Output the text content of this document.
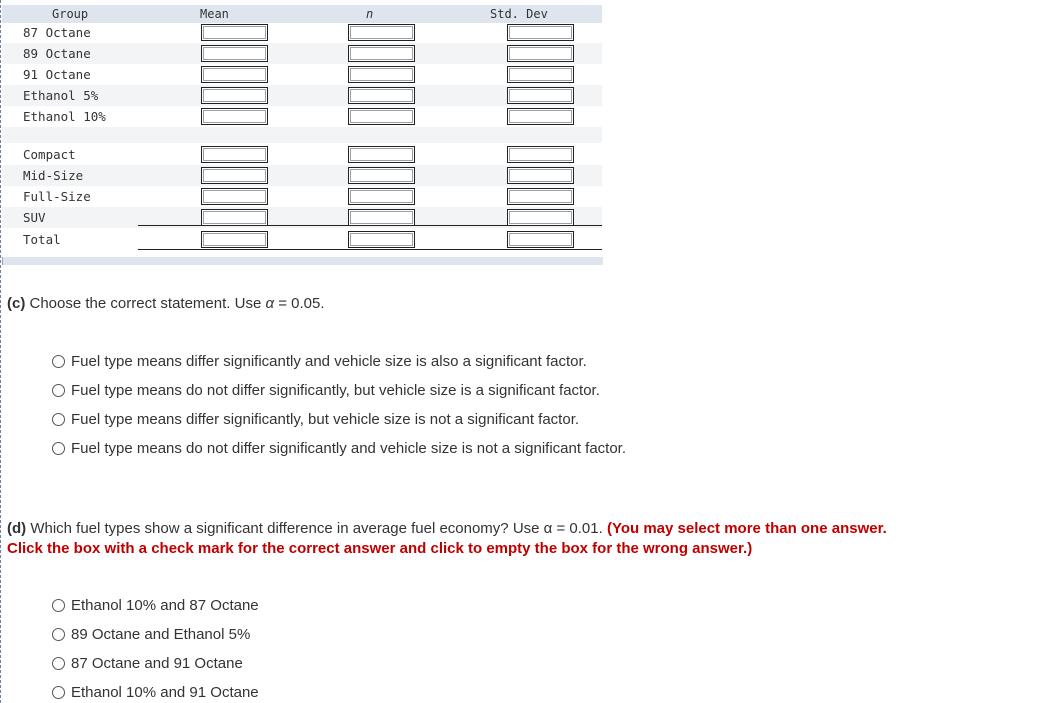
Group	Mean	n	Std. Dev
87 Octane
89 Octane
91 Octane
Ethanol 5%
Ethanol 10%
Compact
Mid-Size
Full-Size
SUV
Total
(c) Choose the correct statement. Use α = 0.05.
Fuel type means differ significantly and vehicle size is also a significant factor.
Fuel type means do not differ significantly, but vehicle size is a significant factor.
Fuel type means differ significantly, but vehicle size is not a significant factor.
Fuel type means do not differ significantly and vehicle size is not a significant factor.
(d) Which fuel types show a significant difference in average fuel economy? Use α = 0.01. (You may select more than one answer.
Click the box with a check mark for the correct answer and click to empty the box for the wrong answer.)
Ethanol 10% and 87 Octane
89 Octane and Ethanol 5%
87 Octane and 91 Octane
Ethanol 10% and 91 Octane
